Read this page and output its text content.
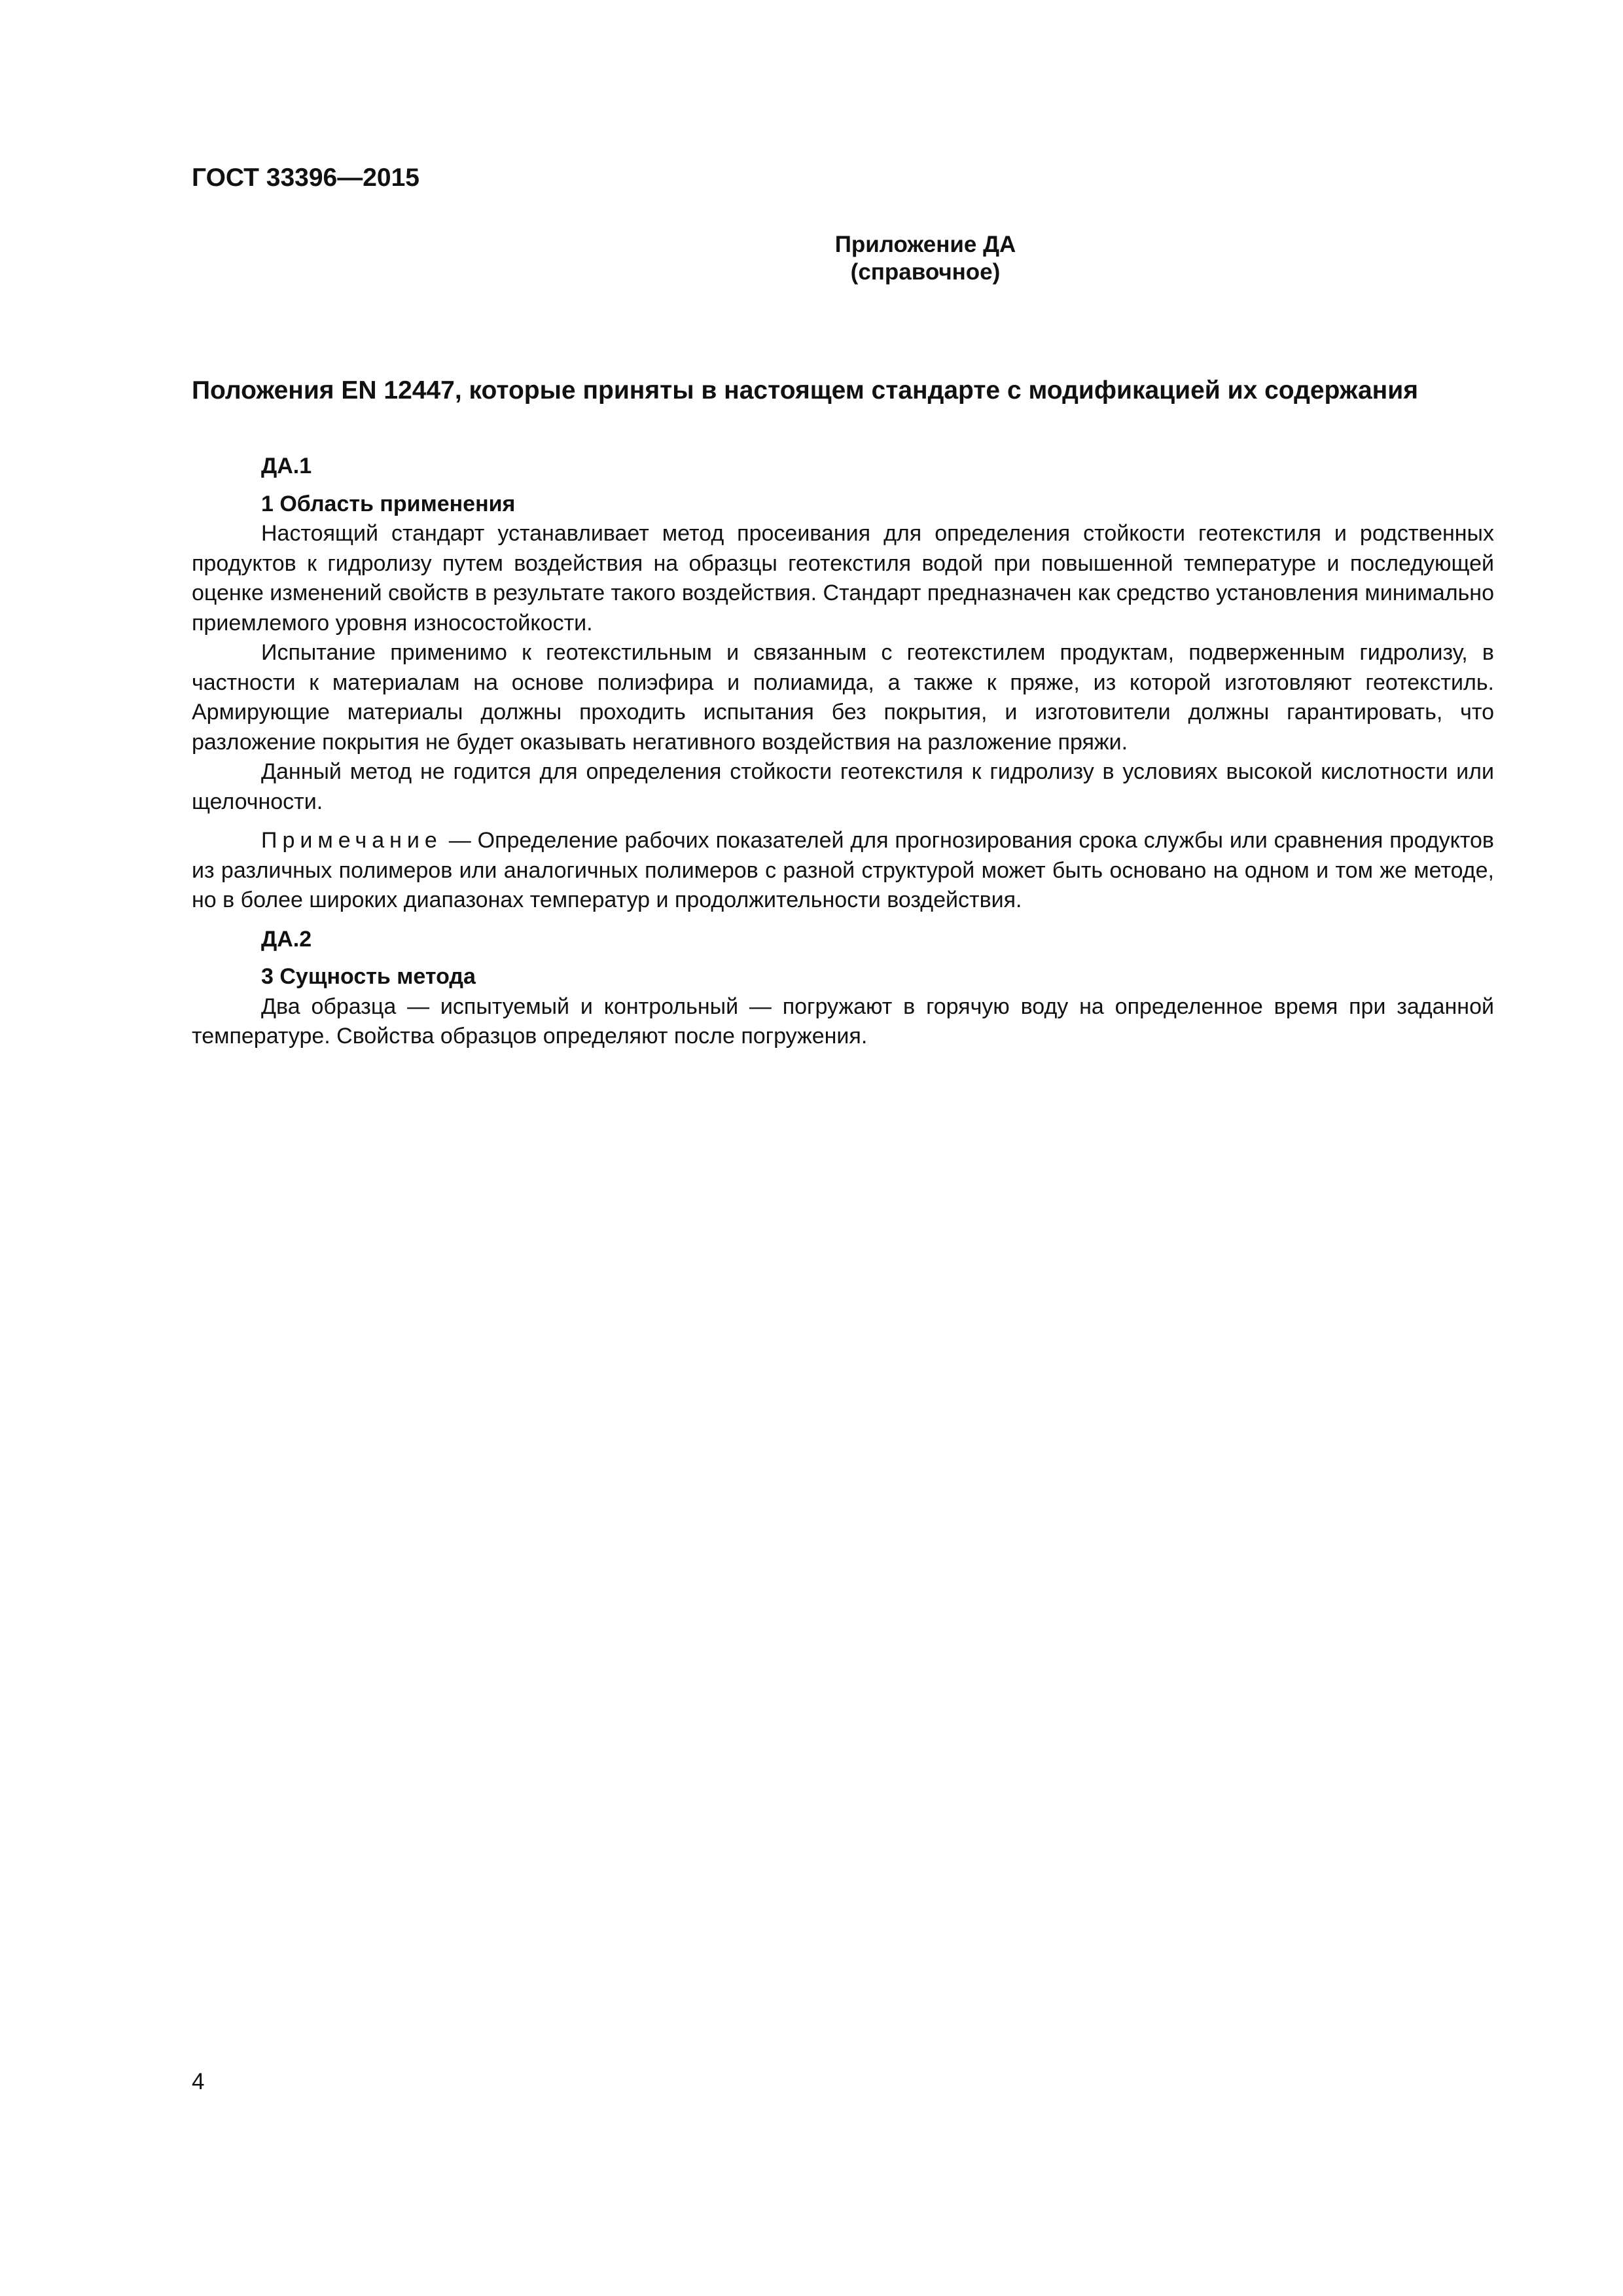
ГОСТ 33396—2015
Приложение ДА
(справочное)
Положения EN 12447, которые приняты в настоящем стандарте с модификацией их содержания
ДА.1
1 Область применения

Настоящий стандарт устанавливает метод просеивания для определения стойкости геотекстиля и родственных продуктов к гидролизу путем воздействия на образцы геотекстиля водой при повышенной температуре и последующей оценке изменений свойств в результате такого воздействия. Стандарт предназначен как средство установления минимально приемлемого уровня износостойкости.

Испытание применимо к геотекстильным и связанным с геотекстилем продуктам, подверженным гидролизу, в частности к материалам на основе полиэфира и полиамида, а также к пряже, из которой изготовляют геотекстиль. Армирующие материалы должны проходить испытания без покрытия, и изготовители должны гарантировать, что разложение покрытия не будет оказывать негативного воздействия на разложение пряжи.

Данный метод не годится для определения стойкости геотекстиля к гидролизу в условиях высокой кислотности или щелочности.

Примечание — Определение рабочих показателей для прогнозирования срока службы или сравнения продуктов из различных полимеров или аналогичных полимеров с разной структурой может быть основано на одном и том же методе, но в более широких диапазонах температур и продолжительности воздействия.

ДА.2
3 Сущность метода

Два образца — испытуемый и контрольный — погружают в горячую воду на определенное время при заданной температуре. Свойства образцов определяют после погружения.

4
